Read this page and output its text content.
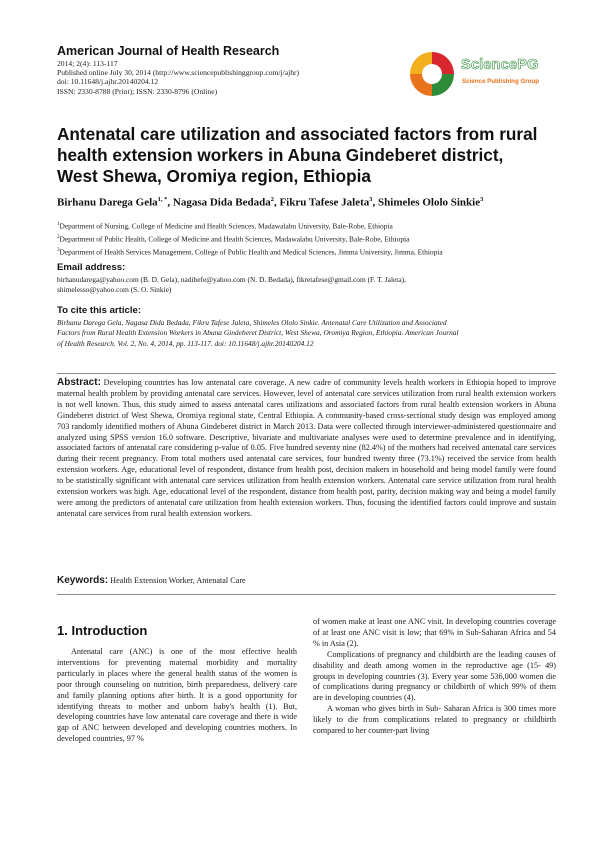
American Journal of Health Research
2014; 2(4): 113-117
Published online July 30, 2014 (http://www.sciencepublishinggroup.com/j/ajhr)
doi: 10.11648/j.ajhr.20140204.12
ISSN: 2330-8788 (Print); ISSN: 2330-8796 (Online)
SciencePG
Science Publishing Group
Antenatal care utilization and associated factors from rural health extension workers in Abuna Gindeberet district, West Shewa, Oromiya region, Ethiopia
Birhanu Darega Gela$^{1, *}$, Nagasa Dida Bedada$^2$, Fikru Tafese Jaleta$^3$, Shimeles Ololo Sinkie$^3$
$^1$Department of Nursing, College of Medicine and Health Sciences, Madawalabu University, Bale-Robe, Ethiopia
$^2$Department of Public Health, College of Medicine and Health Sciences, Madawalabu University, Bale-Robe, Ethiopia
$^3$Department of Health Services Management, College of Public Health and Medical Sciences, Jimma University, Jimma, Ethiopia
Email address:
birhanudarega@yahoo.com (B. D. Gela), nadibefe@yahoo.com (N. D. Bedada), fikretafese@gmail.com (F. T. Jaleta),
shimelesso@yahoo.com (S. O. Sinkie)
To cite this article:
Birhanu Darega Gela, Nagasa Dida Bedada, Fikru Tafese Jaleta, Shimeles Ololo Sinkie. Antenatal Care Utilization and Associated
Factors from Rural Health Extension Workers in Abuna Gindeberet District, West Shewa, Oromiya Region, Ethiopia. American Journal
of Health Research. Vol. 2, No. 4, 2014, pp. 113-117. doi: 10.11648/j.ajhr.20140204.12
Abstract: Developing countries has low antenatal care coverage. A new cadre of community levels health workers in Ethiopia hoped to improve maternal health problem by providing antenatal care services. However, level of antenatal care services utilization from rural health extension workers is not well known. Thus, this study aimed to assess antenatal cares utilizations and associated factors from rural health extension workers in Abuna Gindeberet district of West Shewa, Oromiya regional state, Central Ethiopia. A community-based cross-sectional study design was employed among 703 randomly identified mothers of Abuna Gindeberet district in March 2013. Data were collected through interviewer-administered questionnaire and analyzed using SPSS version 16.0 software. Descriptive, bivariate and multivariate analyses were used to determine prevalence and in identifying, associated factors of antenatal care considering p-value of 0.05. Five hundred seventy nine (82.4%) of the mothers had received antenatal care services during their recent pregnancy. From total mothers used antenatal care services, four hundred twenty three (73.1%) received the service from health extension workers. Age, educational level of respondent, distance from health post, decision makers in household and being model family were found to be statistically significant with antenatal care services utilization from health extension workers. Antenatal care service utilization from rural health extension workers was high. Age, educational level of the respondent, distance from health post, parity, decision making way and being a model family were among the predictors of antenatal care utilization from health extension workers. Thus, focusing the identified factors could improve and sustain antenatal care services from rural health extension workers.
Keywords: Health Extension Worker, Antenatal Care
1. Introduction

Antenatal care (ANC) is one of the most effective health interventions for preventing maternal morbidity and mortality particularly in places where the general health status of the women is poor through counseling on nutrition, birth preparedness, delivery care and family planning options after birth. It is a good opportunity for identifying threats to mother and unborn baby's health (1). But, developing countries have low antenatal care coverage and there is wide gap of ANC between developed and developing countries mothers. In developed countries, 97 %

of women make at least one ANC visit. In developing countries coverage of at least one ANC visit is low; that 69% in Sub-Saharan Africa and 54 % in Asia (2).

Complications of pregnancy and childbirth are the leading causes of disability and death among women in the reproductive age (15- 49) groups in developing countries (3). Every year some 536,000 women die of complications during pregnancy or childbirth of which 99% of them are in developing countries (4).

A woman who gives birth in Sub- Saharan Africa is 300 times more likely to die from complications related to pregnancy or childbirth compared to her counter-part living
